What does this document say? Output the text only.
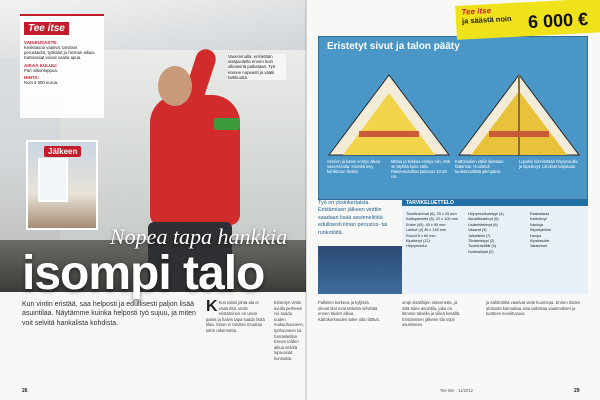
Tee itse
VAIKEUSASTE:
Keskitasoa vaativa; tarvitset perustaidot, työkalut ja hieman aikaa. Kattovasat voivat vaatia apua.
AIKAA KULUU:
Pari viikonloppua.
HINTA:
Noin 6 000 euroa.
Jälkeen
Vasemmalla: eristetään sisäpuolelta ennen kuin ulkoseinä paikataan. Työ etenee nopeasti ja vaatii tarkkuutta.
Nopea tapa hankkia
isompi talo
Kun vintin eristää, saa helposti ja edullisesti paljon lisää asuintilaa. Näytämme kuinka helposti työ sujuu, ja miten voit selvitä hankalista kohdista.
K Kun talosi pinta-ala ei enää riitä, vintin eristäminen on usein paras ja halvin tapa saada lisää tilaa. Sinun ei tarvitse muuttaa talon rakennetta.
Eristetyn vintin avulla perheesi voi saada uuden makuuhuoneen, työhuoneen tai harrastetilan. Ennen töiden alkua selvitä lupa-asiat kunnasta.
26
Eristetyt sivut ja talon pääty
Seinien ja katon eristys alkaa vasemmalta. Kiinnitä levy kehikkoon tiiviisti.
Mittaa ja leikkaa eristys niin, että se täyttää koko välin. Rakennusvillan paksuus 10-20 cm.
Kattotuolien väliin laitetaan lisäeriste. Huolehdi tuuletusvälistä ylempänä.
Lopuksi kiinnitetään höyrynsulku ja kipsilevyt. Liitokset teipataan.
Tee itse
ja säästä noin 6 000 €
Työ on yksinkertaista. Eristämisen jälkeen vinttiin saadaan lisää asuinneliöitä edullisesti ilman perustus- tai runkotöitä.
TARVIKELUETTELO
Tuuletusrimat (6), 25 x 25 mm
Kattopaneelit (8), 22 x 100 mm
Eriste (40), 45 x 95 mm
Lankut (4) 45 x 145 mm
Ruuvit 5 x 60 mm
Kipsilevyt (12)
Höyrynsulku
Höyrynsulkuteippi (4)
Akustiikkalevyt (6)
Lisäeristelevyt (6)
Vasarat (4)
Jalkalistat (7)
Tiivisteteippi (2)
Tuuletusritilät (4)
Nurkkalistat (2)
Raakalauta
Kattolevyt
Nauloja
Kiipeilyteline
Huopa
Kipsitasoite
Valaisimet
Palkkien korkeus ja kyljissä olevat tilat ovat tärkeitä selvittää ennen töiden alkua. Kattokorkeuden tulee olla riittävä.
umpi sisätilojen rakennetta, ja siitä tulee asuintila, joka on lämmin talvella ja viileä kesällä. Eristämisen jälkeen tila sopii asumiseen.
ja sähkötöitä vaativat vielä huomiota. Ennen töiden aloitusta kannattaa aina tarkistaa vaatimukset ja tuotteen soveltuvuus.
Tee itse · 11/2012	29
